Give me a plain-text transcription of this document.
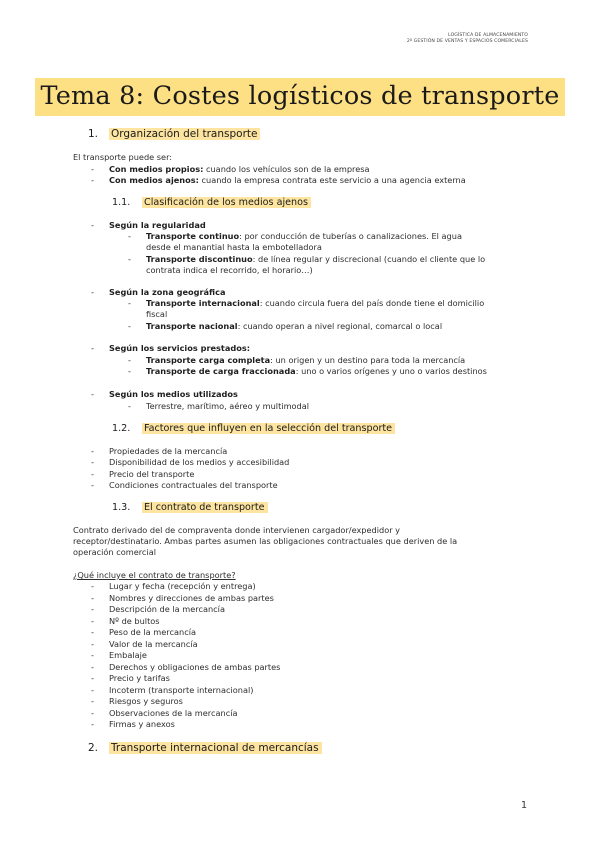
LOGÍSTICA DE ALMACENAMIENTO
2º GESTIÓN DE VENTAS Y ESPACIOS COMERCIALES
Tema 8: Costes logísticos de transporte
1. Organización del transporte
El transporte puede ser:
- Con medios propios: cuando los vehículos son de la empresa
- Con medios ajenos: cuando la empresa contrata este servicio a una agencia externa
1.1. Clasificación de los medios ajenos
- Según la regularidad
- Transporte continuo: por conducción de tuberías o canalizaciones. El agua
desde el manantial hasta la embotelladora
- Transporte discontinuo: de línea regular y discrecional (cuando el cliente que lo
contrata indica el recorrido, el horario…)
- Según la zona geográfica
- Transporte internacional: cuando circula fuera del país donde tiene el domicilio
fiscal
- Transporte nacional: cuando operan a nivel regional, comarcal o local
- Según los servicios prestados:
- Transporte carga completa: un origen y un destino para toda la mercancía
- Transporte de carga fraccionada: uno o varios orígenes y uno o varios destinos
- Según los medios utilizados
- Terrestre, marítimo, aéreo y multimodal
1.2. Factores que influyen en la selección del transporte
- Propiedades de la mercancía
- Disponibilidad de los medios y accesibilidad
- Precio del transporte
- Condiciones contractuales del transporte
1.3. El contrato de transporte
Contrato derivado del de compraventa donde intervienen cargador/expedidor y
receptor/destinatario. Ambas partes asumen las obligaciones contractuales que deriven de la
operación comercial
¿Qué incluye el contrato de transporte?
- Lugar y fecha (recepción y entrega)
- Nombres y direcciones de ambas partes
- Descripción de la mercancía
- Nº de bultos
- Peso de la mercancía
- Valor de la mercancía
- Embalaje
- Derechos y obligaciones de ambas partes
- Precio y tarifas
- Incoterm (transporte internacional)
- Riesgos y seguros
- Observaciones de la mercancía
- Firmas y anexos
2. Transporte internacional de mercancías
1
